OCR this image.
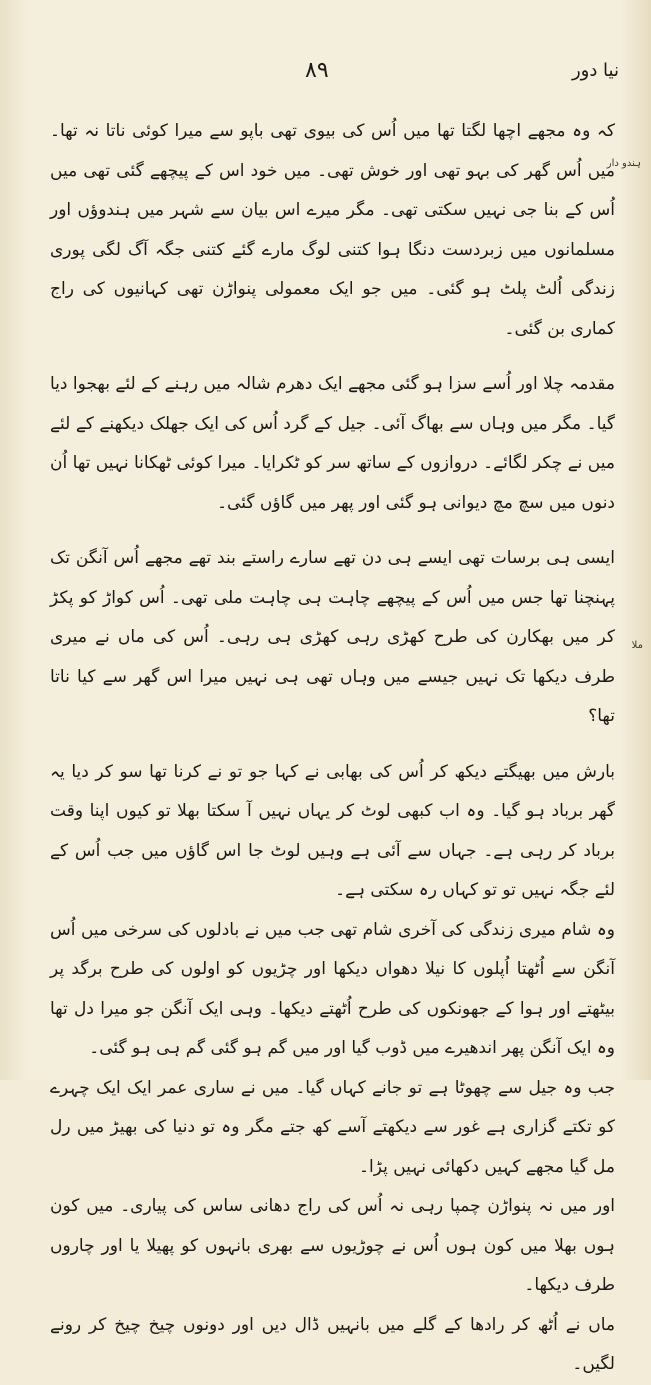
۸۹	نیا دور
ہندو دار
ملا

کہ وہ مجھے اچھا لگتا تھا میں اُس کی بیوی تھی باپو سے میرا کوئی ناتا نہ تھا۔ میں اُس گھر کی بہو تھی اور خوش تھی۔ میں خود اس کے پیچھے گئی تھی میں اُس کے بنا جی نہیں سکتی تھی۔ مگر میرے اس بیان سے شہر میں ہندوؤں اور مسلمانوں میں زبردست دنگا ہوا کتنی لوگ مارے گئے کتنی جگہ آگ لگی پوری زندگی اُلٹ پلٹ ہو گئی۔ میں جو ایک معمولی پنواڑن تھی کہانیوں کی راج کماری بن گئی۔

مقدمہ چلا اور اُسے سزا ہو گئی مجھے ایک دھرم شالہ میں رہنے کے لئے بھجوا دیا گیا۔ مگر میں وہاں سے بھاگ آئی۔ جیل کے گرد اُس کی ایک جھلک دیکھنے کے لئے میں نے چکر لگائے۔ دروازوں کے ساتھ سر کو ٹکرایا۔ میرا کوئی ٹھکانا نہیں تھا اُن دنوں میں سچ مچ دیوانی ہو گئی اور پھر میں گاؤں گئی۔

ایسی ہی برسات تھی ایسے ہی دن تھے سارے راستے بند تھے مجھے اُس آنگن تک پہنچنا تھا جس میں اُس کے پیچھے چاہت ہی چاہت ملی تھی۔ اُس کواڑ کو پکڑ کر میں بھکارن کی طرح کھڑی رہی کھڑی ہی رہی۔ اُس کی ماں نے میری طرف دیکھا تک نہیں جیسے میں وہاں تھی ہی نہیں میرا اس گھر سے کیا ناتا تھا؟

بارش میں بھیگتے دیکھ کر اُس کی بھابی نے کہا جو تو نے کرنا تھا سو کر دیا یہ گھر برباد ہو گیا۔ وہ اب کبھی لوٹ کر یہاں نہیں آ سکتا بھلا تو کیوں اپنا وقت برباد کر رہی ہے۔ جہاں سے آئی ہے وہیں لوٹ جا اس گاؤں میں جب اُس کے لئے جگہ نہیں تو تو کہاں رہ سکتی ہے۔

وہ شام میری زندگی کی آخری شام تھی جب میں نے بادلوں کی سرخی میں اُس آنگن سے اُٹھتا اُپلوں کا نیلا دھواں دیکھا اور چڑیوں کو اولوں کی طرح برگد پر بیٹھتے اور ہوا کے جھونکوں کی طرح اُٹھتے دیکھا۔ وہی ایک آنگن جو میرا دل تھا وہ ایک آنگن پھر اندھیرے میں ڈوب گیا اور میں گم ہو گئی گم ہی ہو گئی۔

جب وہ جیل سے چھوٹا ہے تو جانے کہاں گیا۔ میں نے ساری عمر ایک ایک چہرے کو تکتے گزاری ہے غور سے دیکھتے آسے کھ جتے مگر وہ تو دنیا کی بھیڑ میں رل مل گیا مجھے کہیں دکھائی نہیں پڑا۔

اور میں نہ پنواڑن چمپا رہی نہ اُس کی راج دھانی ساس کی پیاری۔ میں کون ہوں بھلا میں کون ہوں اُس نے چوڑیوں سے بھری بانہوں کو پھیلا یا اور چاروں طرف دیکھا۔

ماں نے اُٹھ کر رادھا کے گلے میں بانہیں ڈال دیں اور دونوں چیخ چیخ کر رونے لگیں۔
